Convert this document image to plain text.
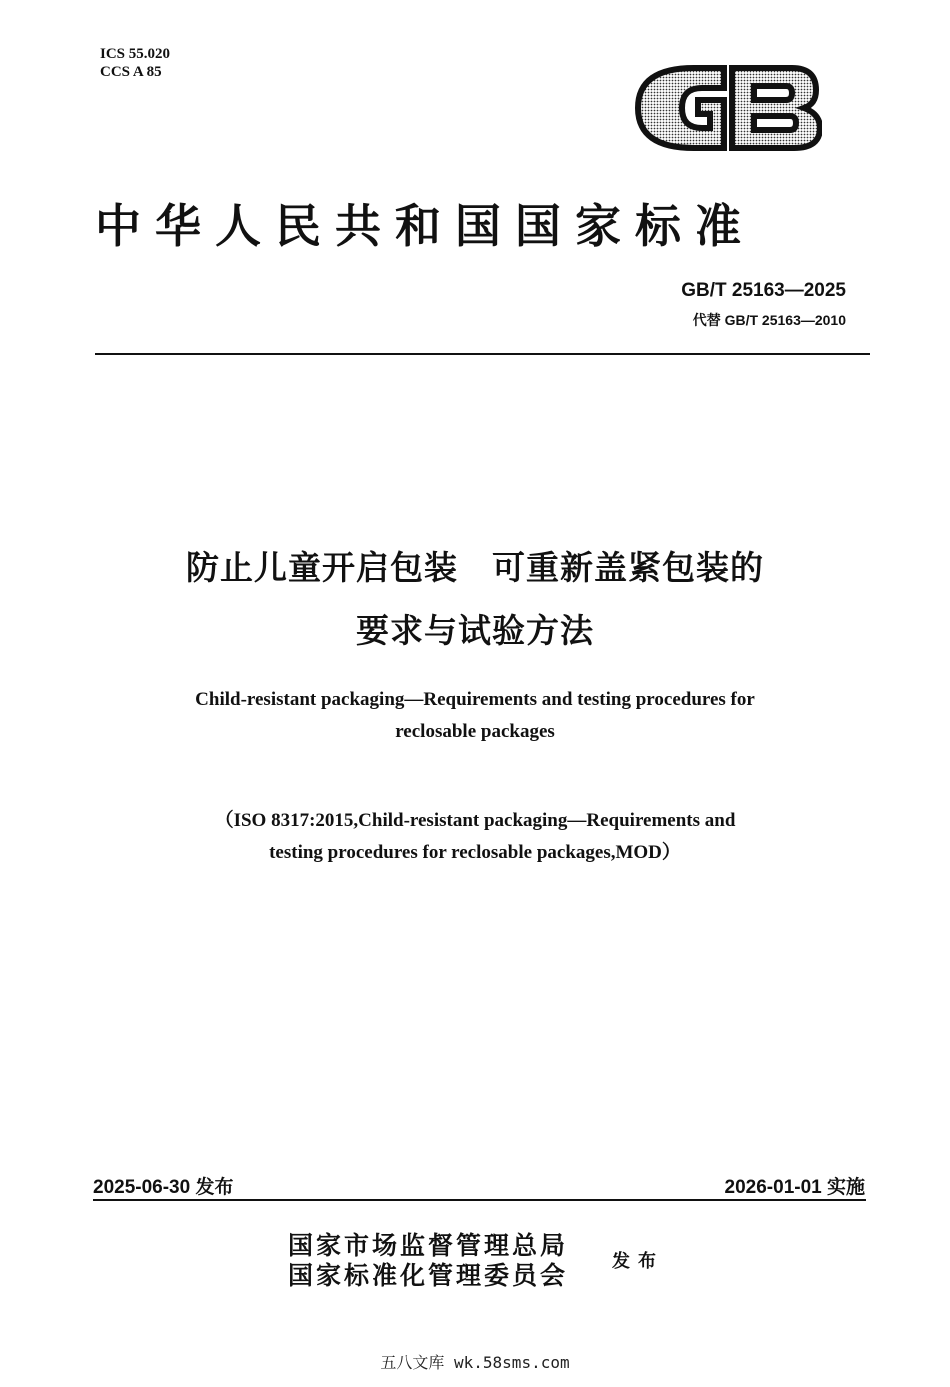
ICS 55.020
CCS A 85
中华人民共和国国家标准
GB/T 25163—2025
代替 GB/T 25163—2010
防止儿童开启包装　可重新盖紧包装的
要求与试验方法
Child-resistant packaging—Requirements and testing procedures for
reclosable packages
（ISO 8317:2015,Child-resistant packaging—Requirements and
testing procedures for reclosable packages,MOD）
2025-06-30 发布	2026-01-01 实施
国家市场监督管理总局
国家标准化管理委员会 发布
五八文库 wk.58sms.com
